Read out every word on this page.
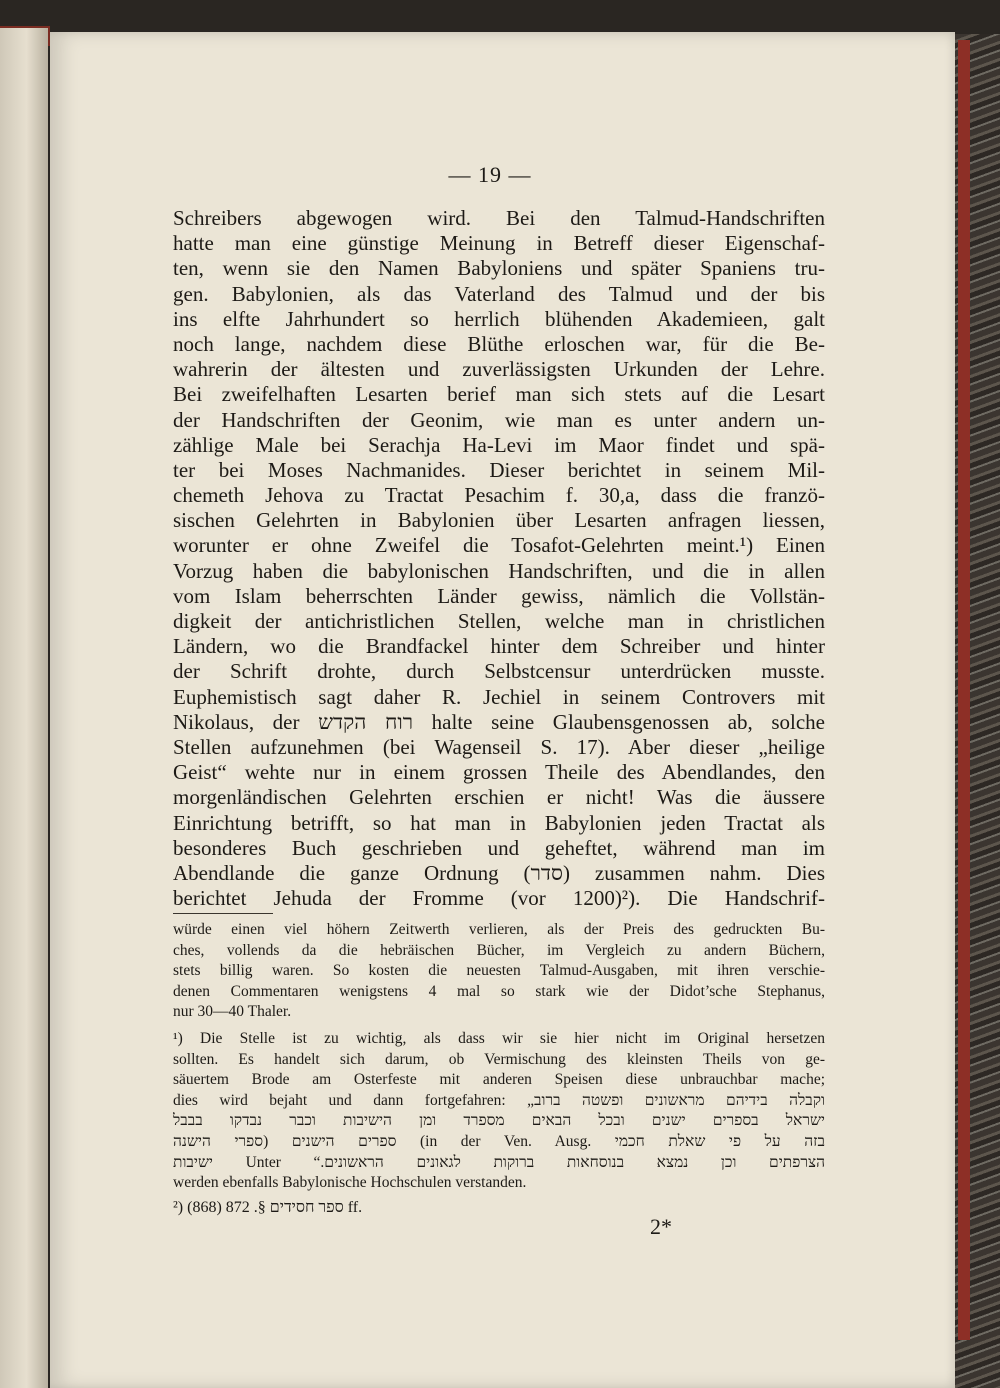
— 19 —
Schreibers abgewogen wird. Bei den Talmud-Handschriften
hatte man eine günstige Meinung in Betreff dieser Eigenschaf-
ten, wenn sie den Namen Babyloniens und später Spaniens tru-
gen. Babylonien, als das Vaterland des Talmud und der bis
ins elfte Jahrhundert so herrlich blühenden Akademieen, galt
noch lange, nachdem diese Blüthe erloschen war, für die Be-
wahrerin der ältesten und zuverlässigsten Urkunden der Lehre.
Bei zweifelhaften Lesarten berief man sich stets auf die Lesart
der Handschriften der Geonim, wie man es unter andern un-
zählige Male bei Serachja Ha-Levi im Maor findet und spä-
ter bei Moses Nachmanides. Dieser berichtet in seinem Mil-
chemeth Jehova zu Tractat Pesachim f. 30,a, dass die franzö-
sischen Gelehrten in Babylonien über Lesarten anfragen liessen,
worunter er ohne Zweifel die Tosafot-Gelehrten meint.¹) Einen
Vorzug haben die babylonischen Handschriften, und die in allen
vom Islam beherrschten Länder gewiss, nämlich die Vollstän-
digkeit der antichristlichen Stellen, welche man in christlichen
Ländern, wo die Brandfackel hinter dem Schreiber und hinter
der Schrift drohte, durch Selbstcensur unterdrücken musste.
Euphemistisch sagt daher R. Jechiel in seinem Controvers mit
Nikolaus, der רוח הקדש halte seine Glaubensgenossen ab, solche
Stellen aufzunehmen (bei Wagenseil S. 17). Aber dieser „heilige
Geist“ wehte nur in einem grossen Theile des Abendlandes, den
morgenländischen Gelehrten erschien er nicht! Was die äussere
Einrichtung betrifft, so hat man in Babylonien jeden Tractat als
besonderes Buch geschrieben und geheftet, während man im
Abendlande die ganze Ordnung (סדר) zusammen nahm. Dies
berichtet Jehuda der Fromme (vor 1200)²). Die Handschrif-
würde einen viel höhern Zeitwerth verlieren, als der Preis des gedruckten Bu-
ches, vollends da die hebräischen Bücher, im Vergleich zu andern Büchern,
stets billig waren. So kosten die neuesten Talmud-Ausgaben, mit ihren verschie-
denen Commentaren wenigstens 4 mal so stark wie der Didot’sche Stephanus,
nur 30—40 Thaler.
¹) Die Stelle ist zu wichtig, als dass wir sie hier nicht im Original hersetzen
sollten. Es handelt sich darum, ob Vermischung des kleinsten Theils von ge-
säuertem Brode am Osterfeste mit anderen Speisen diese unbrauchbar mache;
dies wird bejaht und dann fortgefahren: „וקבלה בידיהם מראשונים ופשטה ברוב
ישראל בספרים ישנים ובכל הבאים מספרד ומן הישיבות וכבר נבדקו בבבל
ספרים הישנים (ספרי הישנה (in der Ven. Ausg. בזה על פי שאלת חכמי
ישיבות Unter “.הצרפתים וכן נמצא בנוסחאות ברוקות לגאונים הראשונים
werden ebenfalls Babylonische Hochschulen verstanden.
²) ספר חסידים §. 872 (868) ff.
2*
